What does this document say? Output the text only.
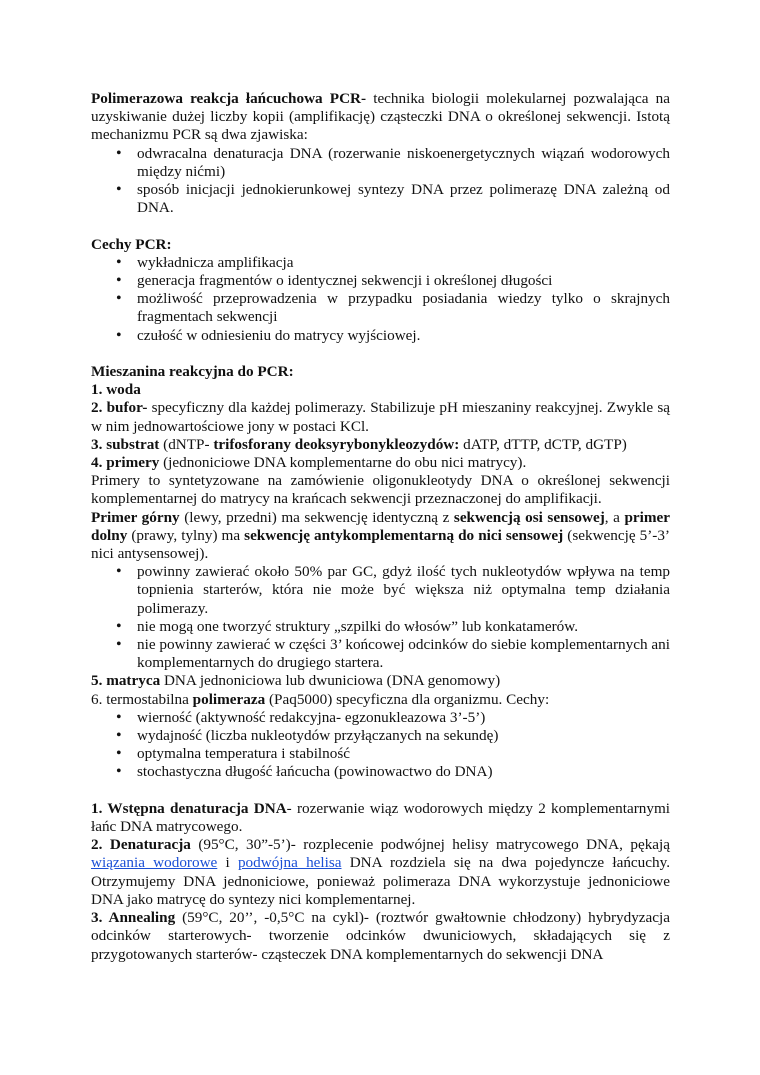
Polimerazowa reakcja łańcuchowa PCR- technika biologii molekularnej pozwalająca na uzyskiwanie dużej liczby kopii (amplifikację) cząsteczki DNA o określonej sekwencji. Istotą mechanizmu PCR są dwa zjawiska:

• odwracalna denaturacja DNA (rozerwanie niskoenergetycznych wiązań wodorowych między nićmi)
• sposób inicjacji jednokierunkowej syntezy DNA przez polimerazę DNA zależną od DNA.

Cechy PCR:

• wykładnicza amplifikacja
• generacja fragmentów o identycznej sekwencji i określonej długości
• możliwość przeprowadzenia w przypadku posiadania wiedzy tylko o skrajnych fragmentach sekwencji
• czułość w odniesieniu do matrycy wyjściowej.

Mieszanina reakcyjna do PCR:

1. woda

2. bufor- specyficzny dla każdej polimerazy. Stabilizuje pH mieszaniny reakcyjnej. Zwykle są w nim jednowartościowe jony w postaci KCl.

3. substrat (dNTP- trifosforany deoksyrybonykleozydów: dATP, dTTP, dCTP, dGTP)

4. primery (jednoniciowe DNA komplementarne do obu nici matrycy).

Primery to syntetyzowane na zamówienie oligonukleotydy DNA o określonej sekwencji komplementarnej do matrycy na krańcach sekwencji przeznaczonej do amplifikacji.

Primer górny (lewy, przedni) ma sekwencję identyczną z sekwencją osi sensowej, a primer dolny (prawy, tylny) ma sekwencję antykomplementarną do nici sensowej (sekwencję 5’-3’ nici antysensowej).

• powinny zawierać około 50% par GC, gdyż ilość tych nukleotydów wpływa na temp topnienia starterów, która nie może być większa niż optymalna temp działania polimerazy.
• nie mogą one tworzyć struktury „szpilki do włosów” lub konkatamerów.
• nie powinny zawierać w części 3’ końcowej odcinków do siebie komplementarnych ani komplementarnych do drugiego startera.

5. matryca DNA jednoniciowa lub dwuniciowa (DNA genomowy)

6. termostabilna polimeraza (Paq5000) specyficzna dla organizmu. Cechy:

• wierność (aktywność redakcyjna- egzonukleazowa 3’-5’)
• wydajność (liczba nukleotydów przyłączanych na sekundę)
• optymalna temperatura i stabilność
• stochastyczna długość łańcucha (powinowactwo do DNA)

1. Wstępna denaturacja DNA- rozerwanie wiąz wodorowych między 2 komplementarnymi łańc DNA matrycowego.

2. Denaturacja (95°C, 30”-5’)- rozplecenie podwójnej helisy matrycowego DNA, pękają wiązania wodorowe i podwójna helisa DNA rozdziela się na dwa pojedyncze łańcuchy. Otrzymujemy DNA jednoniciowe, ponieważ polimeraza DNA wykorzystuje jednoniciowe DNA jako matrycę do syntezy nici komplementarnej.

3. Annealing (59°C, 20’’, -0,5°C na cykl)- (roztwór gwałtownie chłodzony) hybrydyzacja odcinków starterowych- tworzenie odcinków dwuniciowych, składających się z przygotowanych starterów- cząsteczek DNA komplementarnych do sekwencji DNA
